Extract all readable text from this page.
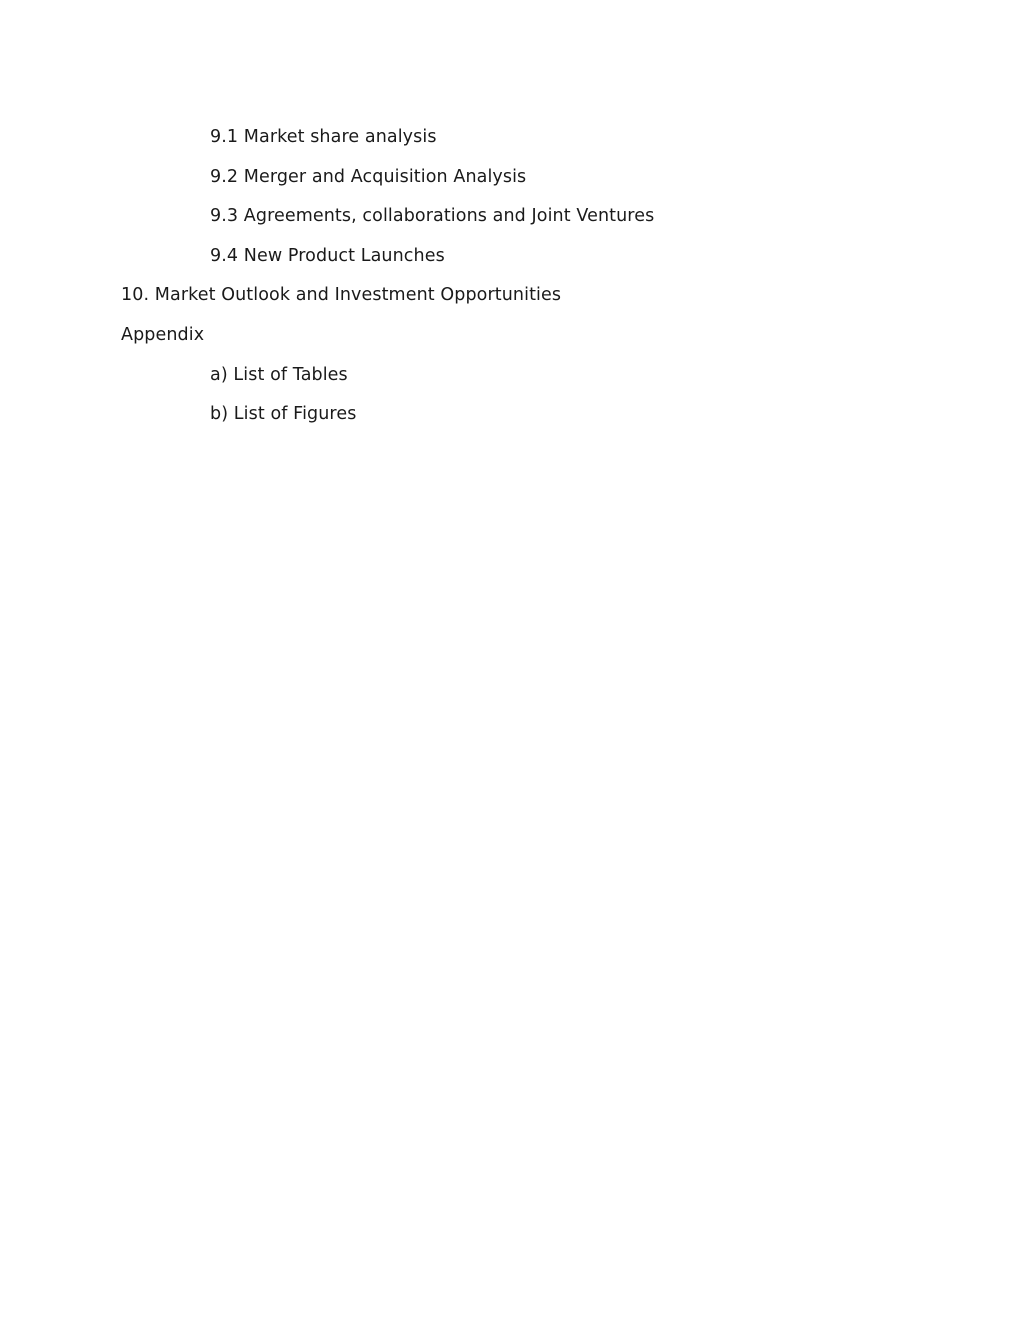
9.1 Market share analysis
9.2 Merger and Acquisition Analysis
9.3 Agreements, collaborations and Joint Ventures
9.4 New Product Launches
10. Market Outlook and Investment Opportunities
Appendix
a) List of Tables
b) List of Figures
